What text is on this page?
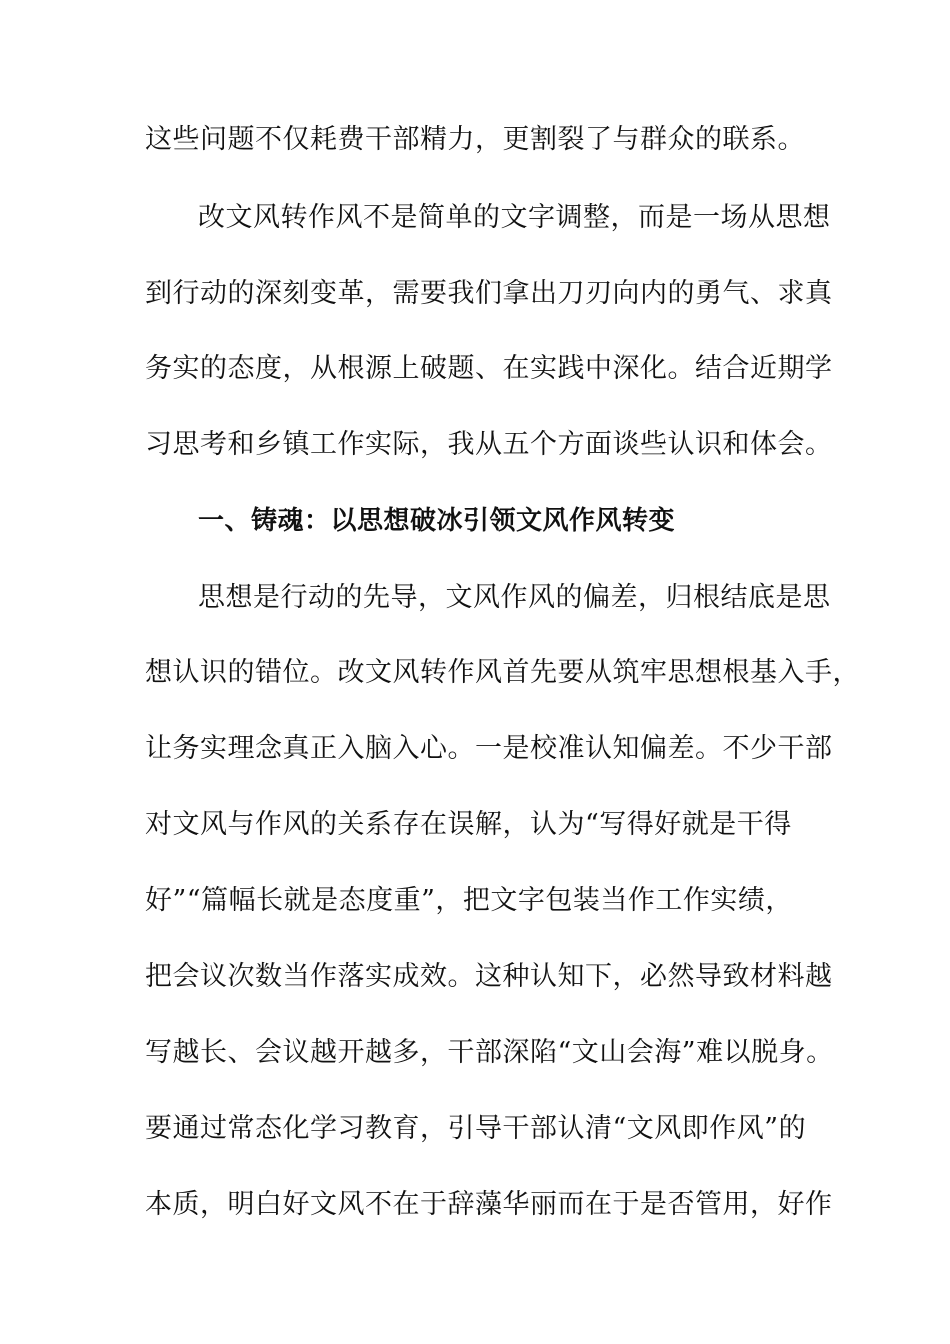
这些问题不仅耗费干部精力，更割裂了与群众的联系。
改文风转作风不是简单的文字调整，而是一场从思想
到行动的深刻变革，需要我们拿出刀刃向内的勇气、求真
务实的态度，从根源上破题、在实践中深化。结合近期学
习思考和乡镇工作实际，我从五个方面谈些认识和体会。
一、铸魂：以思想破冰引领文风作风转变
思想是行动的先导，文风作风的偏差，归根结底是思
想认识的错位。改文风转作风首先要从筑牢思想根基入手，
让务实理念真正入脑入心。一是校准认知偏差。不少干部
对文风与作风的关系存在误解，认为“写得好就是干得
好”“篇幅长就是态度重”，把文字包装当作工作实绩，
把会议次数当作落实成效。这种认知下，必然导致材料越
写越长、会议越开越多，干部深陷“文山会海”难以脱身。
要通过常态化学习教育，引导干部认清“文风即作风”的
本质，明白好文风不在于辞藻华丽而在于是否管用，好作
